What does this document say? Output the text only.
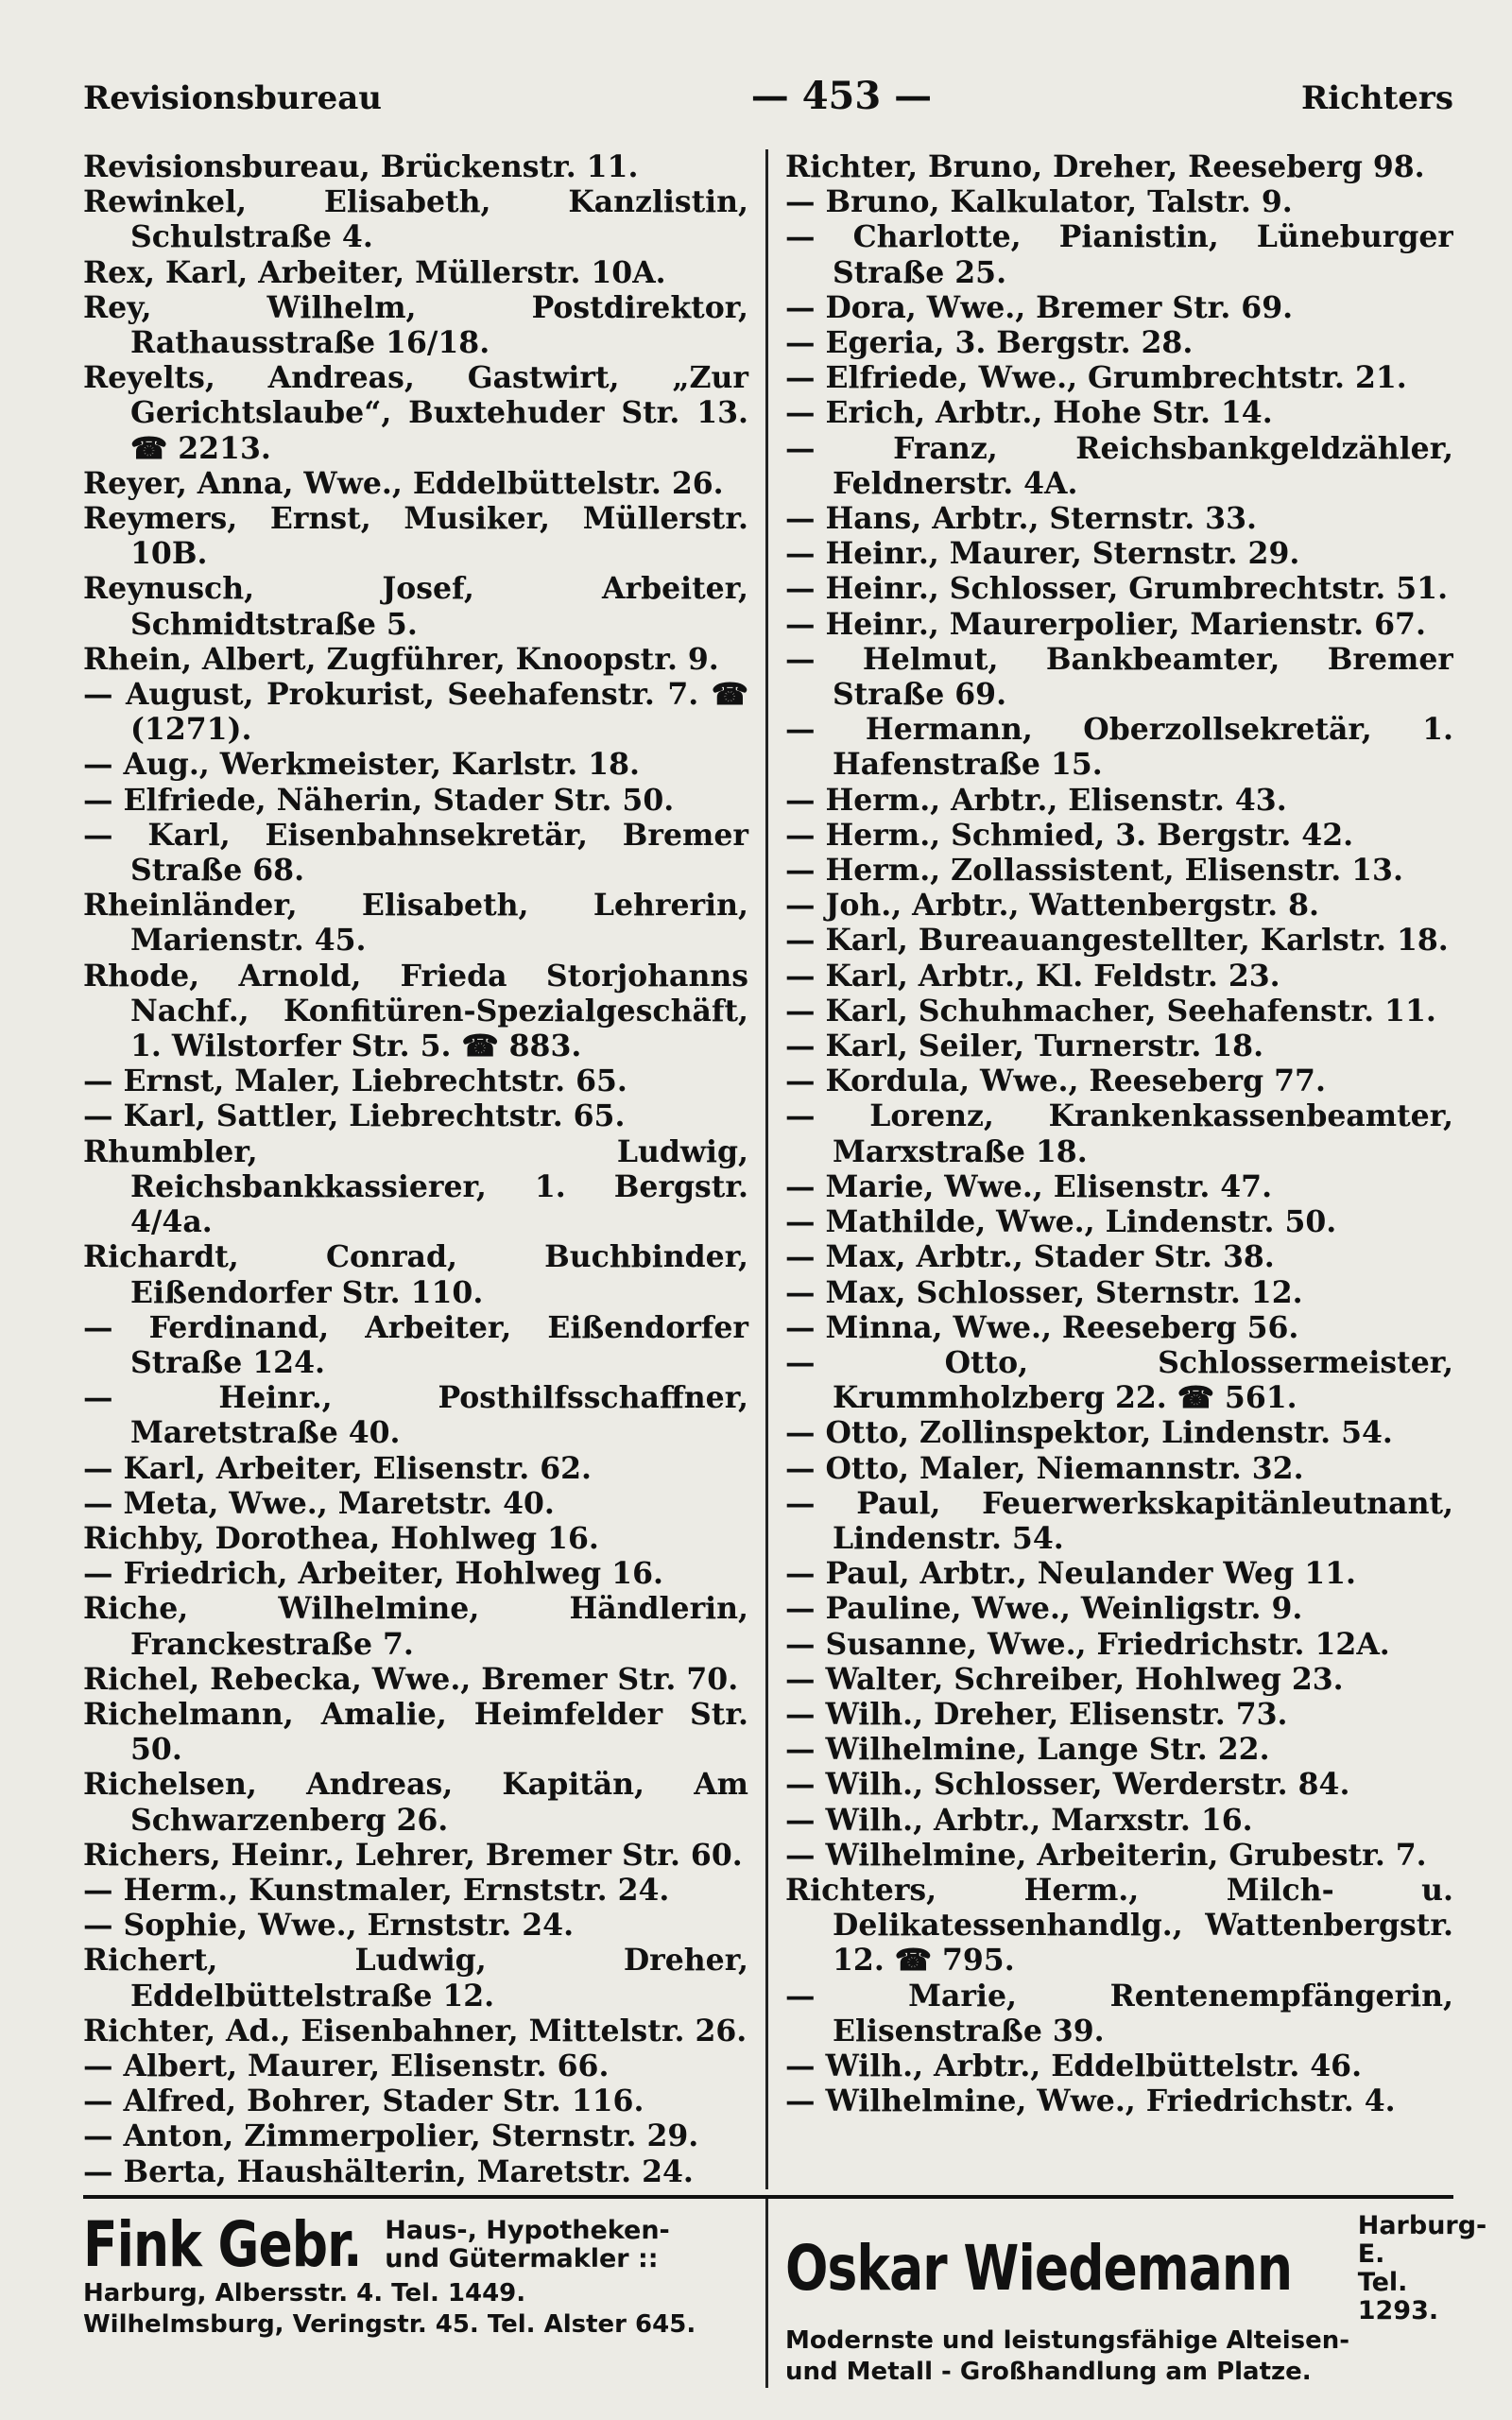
Revisionsbureau	— 453 —	Richters
Revisionsbureau, Brückenstr. 11.
Rewinkel, Elisabeth, Kanzlistin, Schulstraße 4.
Rex, Karl, Arbeiter, Müllerstr. 10A.
Rey, Wilhelm, Postdirektor, Rathausstraße 16/18.
Reyelts, Andreas, Gastwirt, „Zur Gerichtslaube“, Buxtehuder Str. 13. ☎ 2213.
Reyer, Anna, Wwe., Eddelbüttelstr. 26.
Reymers, Ernst, Musiker, Müllerstr. 10B.
Reynusch, Josef, Arbeiter, Schmidtstraße 5.
Rhein, Albert, Zugführer, Knoopstr. 9.
— August, Prokurist, Seehafenstr. 7. ☎ (1271).
— Aug., Werkmeister, Karlstr. 18.
— Elfriede, Näherin, Stader Str. 50.
— Karl, Eisenbahnsekretär, Bremer Straße 68.
Rheinländer, Elisabeth, Lehrerin, Marienstr. 45.
Rhode, Arnold, Frieda Storjohanns Nachf., Konfitüren-Spezialgeschäft, 1. Wilstorfer Str. 5. ☎ 883.
— Ernst, Maler, Liebrechtstr. 65.
— Karl, Sattler, Liebrechtstr. 65.
Rhumbler, Ludwig, Reichsbankkassierer, 1. Bergstr. 4/4a.
Richardt, Conrad, Buchbinder, Eißendorfer Str. 110.
— Ferdinand, Arbeiter, Eißendorfer Straße 124.
— Heinr., Posthilfsschaffner, Maretstraße 40.
— Karl, Arbeiter, Elisenstr. 62.
— Meta, Wwe., Maretstr. 40.
Richby, Dorothea, Hohlweg 16.
— Friedrich, Arbeiter, Hohlweg 16.
Riche, Wilhelmine, Händlerin, Franckestraße 7.
Richel, Rebecka, Wwe., Bremer Str. 70.
Richelmann, Amalie, Heimfelder Str. 50.
Richelsen, Andreas, Kapitän, Am Schwarzenberg 26.
Richers, Heinr., Lehrer, Bremer Str. 60.
— Herm., Kunstmaler, Ernststr. 24.
— Sophie, Wwe., Ernststr. 24.
Richert, Ludwig, Dreher, Eddelbüttelstraße 12.
Richter, Ad., Eisenbahner, Mittelstr. 26.
— Albert, Maurer, Elisenstr. 66.
— Alfred, Bohrer, Stader Str. 116.
— Anton, Zimmerpolier, Sternstr. 29.
— Berta, Haushälterin, Maretstr. 24.
Richter, Bruno, Dreher, Reeseberg 98.
— Bruno, Kalkulator, Talstr. 9.
— Charlotte, Pianistin, Lüneburger Straße 25.
— Dora, Wwe., Bremer Str. 69.
— Egeria, 3. Bergstr. 28.
— Elfriede, Wwe., Grumbrechtstr. 21.
— Erich, Arbtr., Hohe Str. 14.
— Franz, Reichsbankgeldzähler, Feldnerstr. 4A.
— Hans, Arbtr., Sternstr. 33.
— Heinr., Maurer, Sternstr. 29.
— Heinr., Schlosser, Grumbrechtstr. 51.
— Heinr., Maurerpolier, Marienstr. 67.
— Helmut, Bankbeamter, Bremer Straße 69.
— Hermann, Oberzollsekretär, 1. Hafenstraße 15.
— Herm., Arbtr., Elisenstr. 43.
— Herm., Schmied, 3. Bergstr. 42.
— Herm., Zollassistent, Elisenstr. 13.
— Joh., Arbtr., Wattenbergstr. 8.
— Karl, Bureauangestellter, Karlstr. 18.
— Karl, Arbtr., Kl. Feldstr. 23.
— Karl, Schuhmacher, Seehafenstr. 11.
— Karl, Seiler, Turnerstr. 18.
— Kordula, Wwe., Reeseberg 77.
— Lorenz, Krankenkassenbeamter, Marxstraße 18.
— Marie, Wwe., Elisenstr. 47.
— Mathilde, Wwe., Lindenstr. 50.
— Max, Arbtr., Stader Str. 38.
— Max, Schlosser, Sternstr. 12.
— Minna, Wwe., Reeseberg 56.
— Otto, Schlossermeister, Krummholzberg 22. ☎ 561.
— Otto, Zollinspektor, Lindenstr. 54.
— Otto, Maler, Niemannstr. 32.
— Paul, Feuerwerkskapitänleutnant, Lindenstr. 54.
— Paul, Arbtr., Neulander Weg 11.
— Pauline, Wwe., Weinligstr. 9.
— Susanne, Wwe., Friedrichstr. 12A.
— Walter, Schreiber, Hohlweg 23.
— Wilh., Dreher, Elisenstr. 73.
— Wilhelmine, Lange Str. 22.
— Wilh., Schlosser, Werderstr. 84.
— Wilh., Arbtr., Marxstr. 16.
— Wilhelmine, Arbeiterin, Grubestr. 7.
Richters, Herm., Milch- u. Delikatessenhandlg., Wattenbergstr. 12. ☎ 795.
— Marie, Rentenempfängerin, Elisenstraße 39.
— Wilh., Arbtr., Eddelbüttelstr. 46.
— Wilhelmine, Wwe., Friedrichstr. 4.
Fink Gebr. Haus-, Hypotheken-
und Gütermakler ::
Harburg, Albersstr. 4. Tel. 1449.
Wilhelmsburg, Veringstr. 45. Tel. Alster 645.
Oskar Wiedemann
Harburg-E.
Tel. 1293.
Modernste und leistungsfähige Alteisen-
und Metall - Großhandlung am Platze.
